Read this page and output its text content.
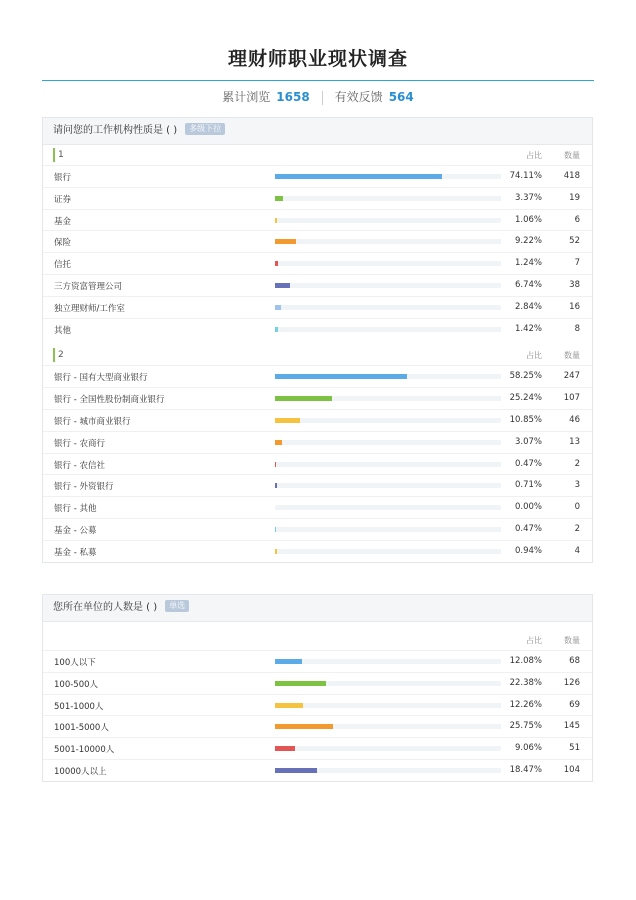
理财师职业现状调查
累计浏览 1658 有效反馈 564
请问您的工作机构性质是 ( ) 多级下拉
1	占比	数量
银行	74.11%	418
证券	3.37%	19
基金	1.06%	6
保险	9.22%	52
信托	1.24%	7
三方资富管理公司	6.74%	38
独立理财师/工作室	2.84%	16
其他	1.42%	8
2	占比	数量
银行 - 国有大型商业银行	58.25%	247
银行 - 全国性股份制商业银行	25.24%	107
银行 - 城市商业银行	10.85%	46
银行 - 农商行	3.07%	13
银行 - 农信社	0.47%	2
银行 - 外资银行	0.71%	3
银行 - 其他	0.00%	0
基金 - 公募	0.47%	2
基金 - 私募	0.94%	4
您所在单位的人数是 ( ) 单选
占比	数量
100人以下	12.08%	68
100-500人	22.38%	126
501-1000人	12.26%	69
1001-5000人	25.75%	145
5001-10000人	9.06%	51
10000人以上	18.47%	104
